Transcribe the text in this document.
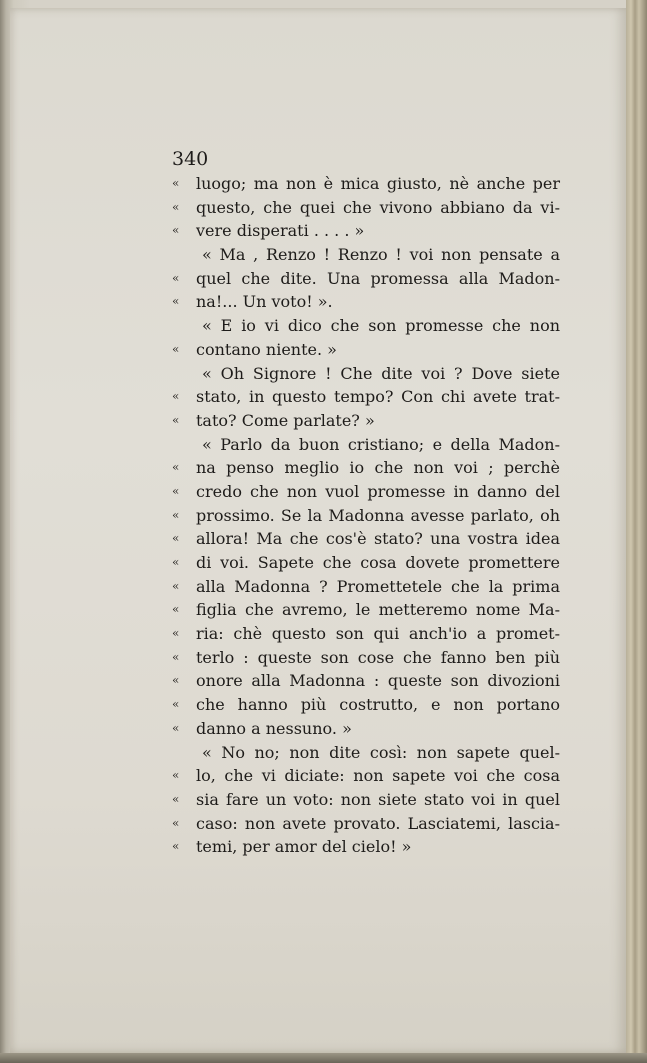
340
«	luogo; ma non è mica giusto, nè anche per
«	questo, che quei che vivono abbiano da vi-
«	vere disperati . . . . »
« Ma , Renzo ! Renzo ! voi non pensate a
«	quel che dite. Una promessa alla Madon-
«	na!... Un voto! ».
« E io vi dico che son promesse che non
«	contano niente. »
« Oh Signore ! Che dite voi ? Dove siete
«	stato, in questo tempo? Con chi avete trat-
«	tato? Come parlate? »
« Parlo da buon cristiano; e della Madon-
«	na penso meglio io che non voi ; perchè
«	credo che non vuol promesse in danno del
«	prossimo. Se la Madonna avesse parlato, oh
«	allora! Ma che cos'è stato? una vostra idea
«	di voi. Sapete che cosa dovete promettere
«	alla Madonna ? Promettetele che la prima
«	figlia che avremo, le metteremo nome Ma-
«	ria: chè questo son qui anch'io a promet-
«	terlo : queste son cose che fanno ben più
«	onore alla Madonna : queste son divozioni
«	che hanno più costrutto, e non portano
«	danno a nessuno. »
« No no; non dite così: non sapete quel-
«	lo, che vi diciate: non sapete voi che cosa
«	sia fare un voto: non siete stato voi in quel
«	caso: non avete provato. Lasciatemi, lascia-
«	temi, per amor del cielo! »
